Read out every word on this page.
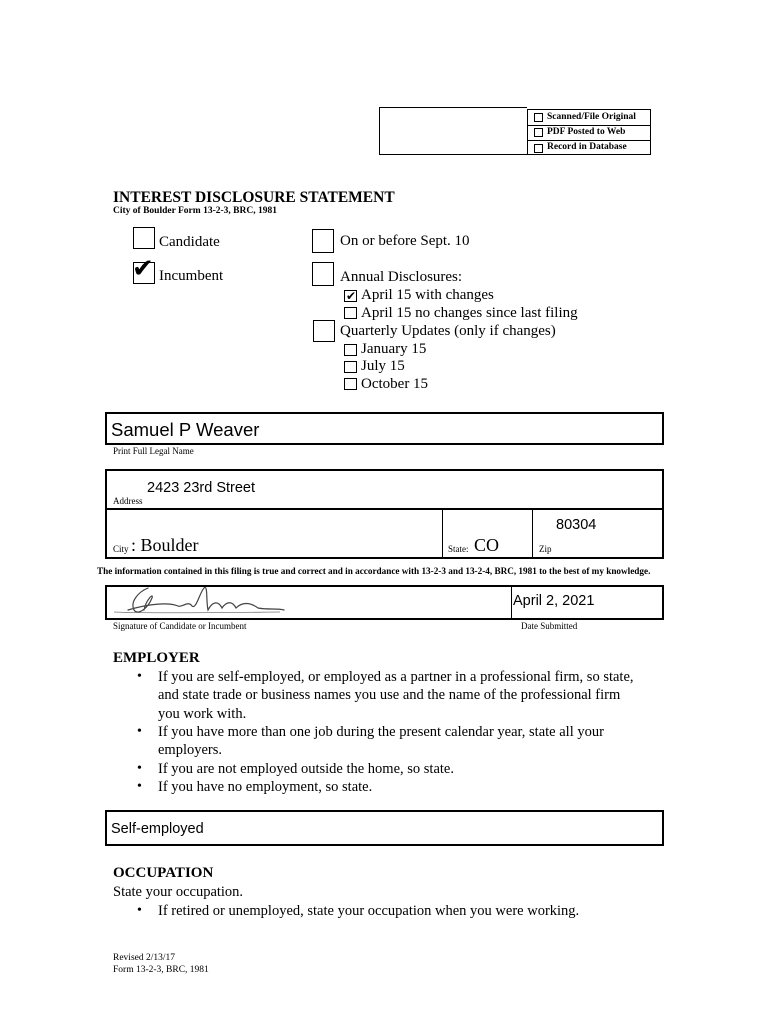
Scanned/File Original
PDF Posted to Web
Record in Database
INTEREST DISCLOSURE STATEMENT
City of Boulder Form 13-2-3, BRC, 1981
Candidate
✔ Incumbent
On or before Sept. 10
Annual Disclosures:
✔ April 15 with changes
April 15 no changes since last filing
Quarterly Updates (only if changes)
January 15
July 15
October 15
Samuel P Weaver
Print Full Legal Name
2423 23rd Street
Address
City : Boulder	State: CO
80304
Zip
The information contained in this filing is true and correct and in accordance with 13-2-3 and 13-2-4, BRC, 1981 to the best of my knowledge.
April 2, 2021
Signature of Candidate or Incumbent	Date Submitted
EMPLOYER
• If you are self-employed, or employed as a partner in a professional firm, so state,
and state trade or business names you use and the name of the professional firm
you work with.
• If you have more than one job during the present calendar year, state all your
employers.
• If you are not employed outside the home, so state.
• If you have no employment, so state.
Self-employed
OCCUPATION
State your occupation.
• If retired or unemployed, state your occupation when you were working.
Revised 2/13/17
Form 13-2-3, BRC, 1981
